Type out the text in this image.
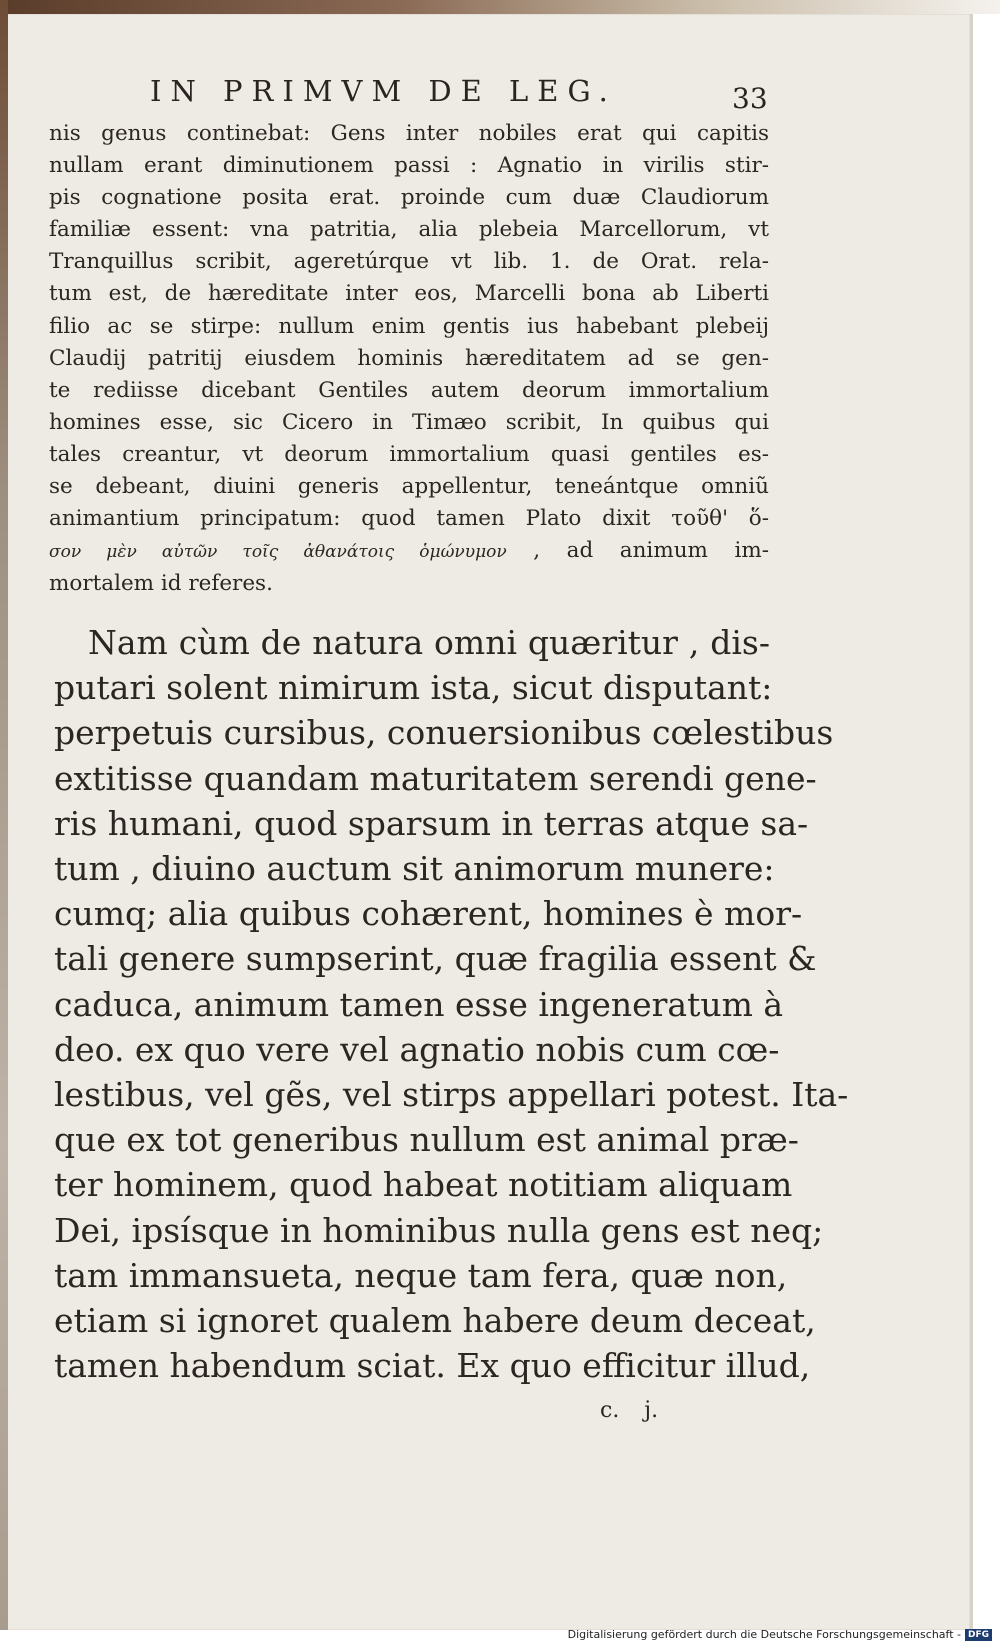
IN PRIMVM DE LEG.	33
nis genus continebat: Gens inter nobiles erat qui capitis
nullam erant diminutionem passi : Agnatio in virilis stir-
pis cognatione posita erat. proinde cum duæ Claudiorum
familiæ essent: vna patritia, alia plebeia Marcellorum, vt
Tranquillus scribit, ageretúrque vt lib. 1. de Orat. rela-
tum est, de hæreditate inter eos, Marcelli bona ab Liberti
filio ac se stirpe: nullum enim gentis ius habebant plebeij
Claudij patritij eiusdem hominis hæreditatem ad se gen-
te rediisse dicebant Gentiles autem deorum immortalium
homines esse, sic Cicero in Timæo scribit, In quibus qui
tales creantur, vt deorum immortalium quasi gentiles es-
se debeant, diuini generis appellentur, teneántque omniũ
animantium principatum: quod tamen Plato dixit τοῦθ' ὅ-
σον μὲν αὐτῶν τοῖς ἀθανάτοις ὁμώνυμον , ad animum im-
mortalem id referes.
Nam cùm de natura omni quæritur , dis-
putari solent nimirum ista, sicut disputant:
perpetuis cursibus, conuersionibus cœlestibus
extitisse quandam maturitatem serendi gene-
ris humani, quod sparsum in terras atque sa-
tum , diuino auctum sit animorum munere:
cumq; alia quibus cohærent, homines è mor-
tali genere sumpserint, quæ fragilia essent &
caduca, animum tamen esse ingeneratum à
deo. ex quo vere vel agnatio nobis cum cœ-
lestibus, vel gẽs, vel stirps appellari potest. Ita-
que ex tot generibus nullum est animal præ-
ter hominem, quod habeat notitiam aliquam
Dei, ipsísque in hominibus nulla gens est neq;
tam immansueta, neque tam fera, quæ non,
etiam si ignoret qualem habere deum deceat,
tamen habendum sciat. Ex quo efficitur illud,
c. j.
Digitalisierung gefördert durch die Deutsche Forschungsgemeinschaft - DFG
